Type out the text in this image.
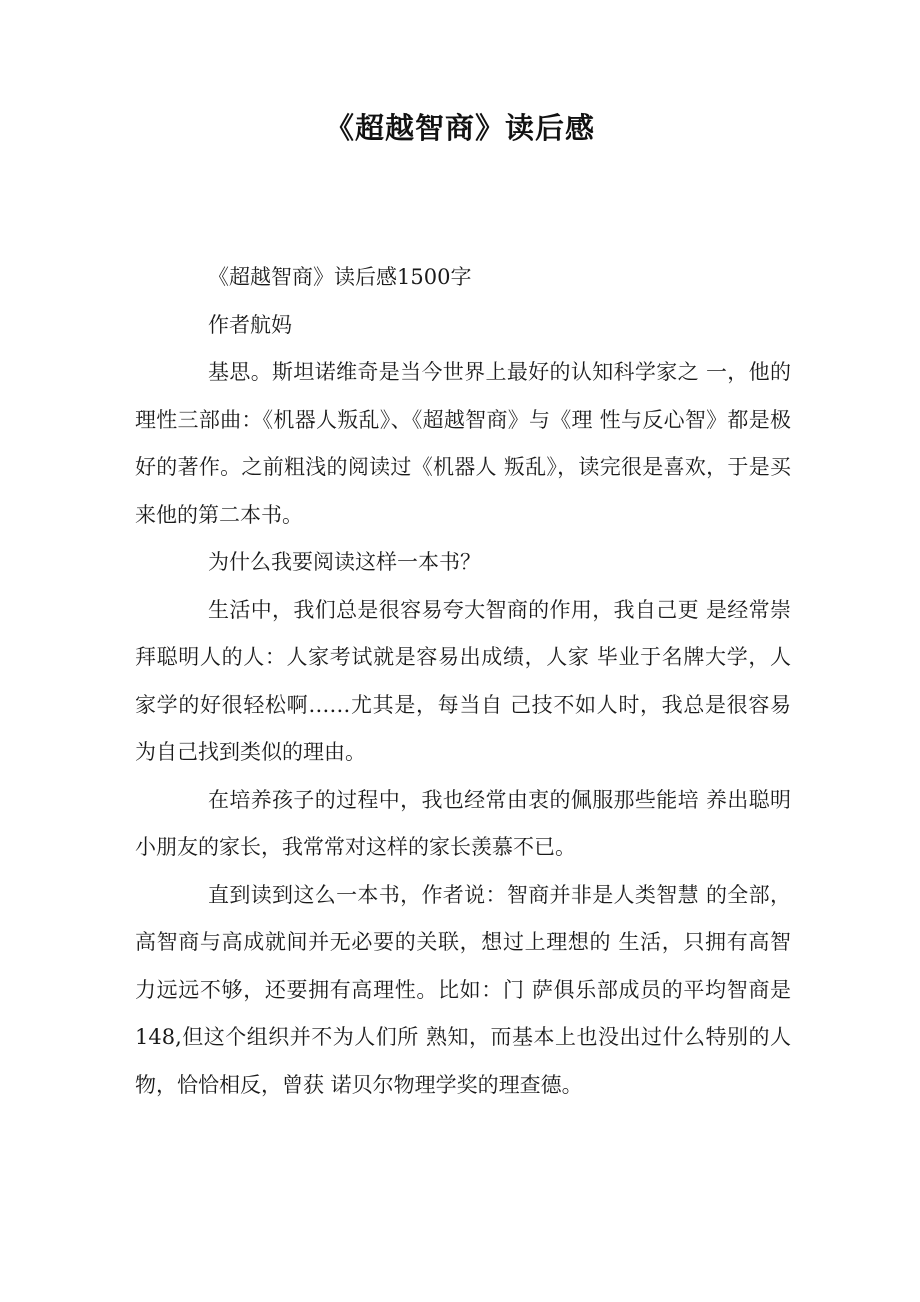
《超越智商》读后感

《超越智商》读后感1500字

作者航妈

基思。斯坦诺维奇是当今世界上最好的认知科学家之 一，他的理性三部曲：《机器人叛乱》、《超越智商》与《理 性与反心智》都是极好的著作。之前粗浅的阅读过《机器人 叛乱》，读完很是喜欢，于是买来他的第二本书。

为什么我要阅读这样一本书？

生活中，我们总是很容易夸大智商的作用，我自己更 是经常崇拜聪明人的人：人家考试就是容易出成绩，人家 毕业于名牌大学，人家学的好很轻松啊……尤其是，每当自 己技不如人时，我总是很容易为自己找到类似的理由。

在培养孩子的过程中，我也经常由衷的佩服那些能培 养出聪明小朋友的家长，我常常对这样的家长羡慕不已。

直到读到这么一本书，作者说：智商并非是人类智慧 的全部，高智商与高成就间并无必要的关联，想过上理想的 生活，只拥有高智力远远不够，还要拥有高理性。比如：门 萨俱乐部成员的平均智商是148,但这个组织并不为人们所 熟知，而基本上也没出过什么特别的人物，恰恰相反，曾获 诺贝尔物理学奖的理查德。
